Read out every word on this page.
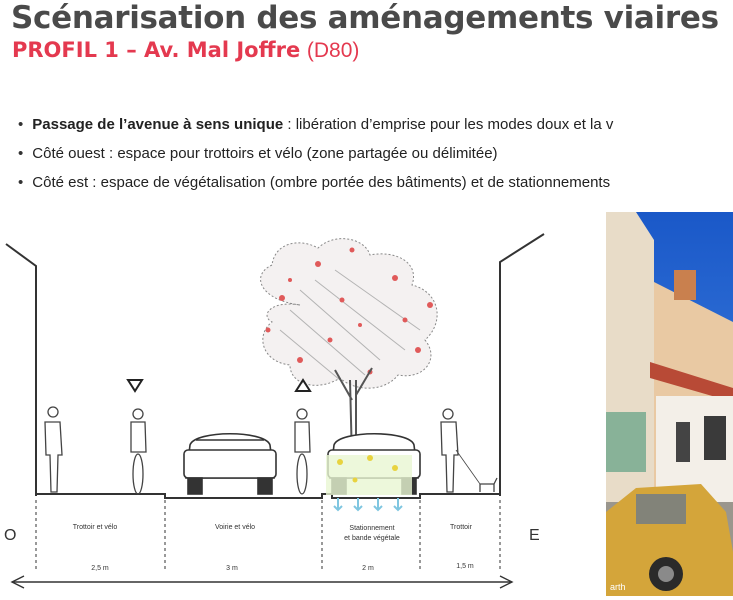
Scénarisation des aménagements viaires
PROFIL 1 – Av. Mal Joffre (D80)
• Passage de l’avenue à sens unique : libération d’emprise pour les modes doux et la v
• Côté ouest : espace pour trottoirs et vélo (zone partagée ou délimitée)
• Côté est : espace de végétalisation (ombre portée des bâtiments) et de stationnements
Trottoir et vélo	Voirie et vélo	Stationnement
et bande végétale
Trottoir
2,5 m	3 m	2 m	1,5 m
O	E
arth
